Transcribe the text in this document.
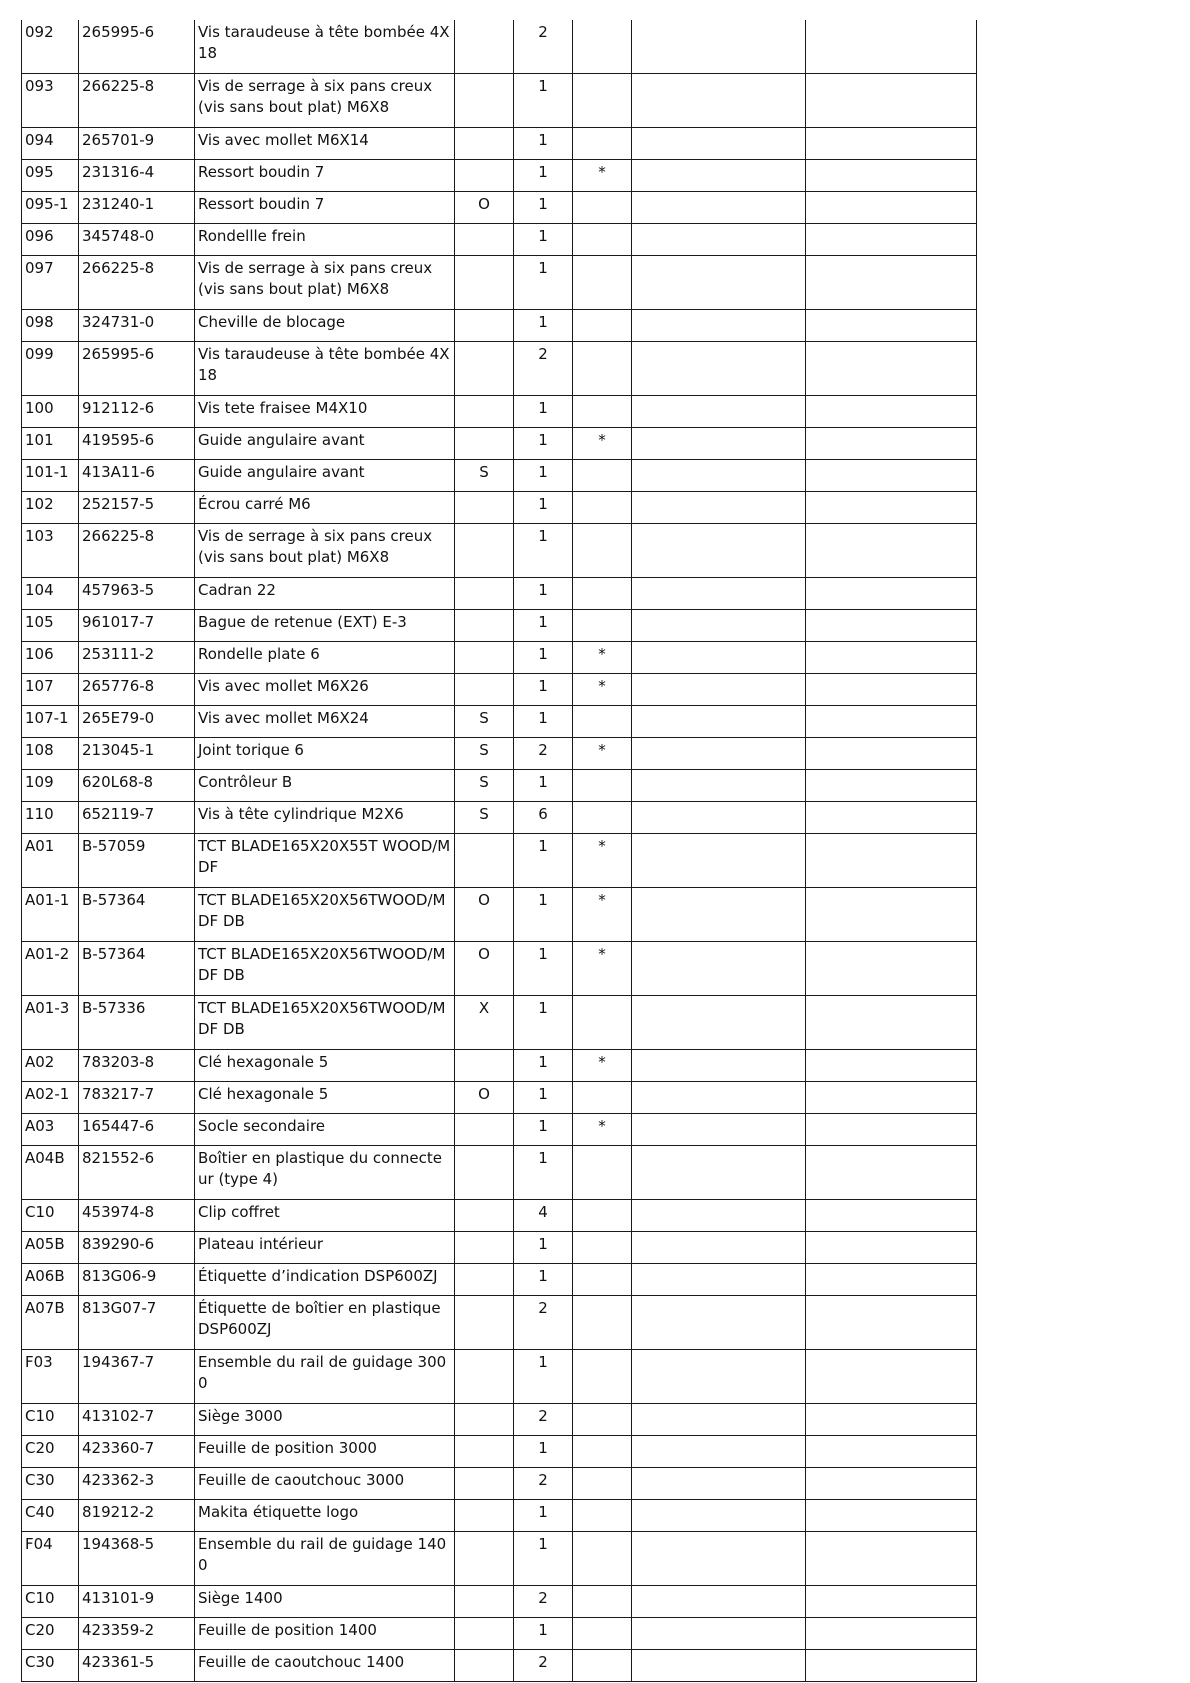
092	265995-6	Vis taraudeuse à tête bombée 4X18		2			
093	266225-8	Vis de serrage à six pans creux (vis sans bout plat) M6X8		1			
094	265701-9	Vis avec mollet M6X14		1			
095	231316-4	Ressort boudin 7		1	*		
095-1	231240-1	Ressort boudin 7	O	1			
096	345748-0	Rondellle frein		1			
097	266225-8	Vis de serrage à six pans creux (vis sans bout plat) M6X8		1			
098	324731-0	Cheville de blocage		1			
099	265995-6	Vis taraudeuse à tête bombée 4X18		2			
100	912112-6	Vis tete fraisee M4X10		1			
101	419595-6	Guide angulaire avant		1	*		
101-1	413A11-6	Guide angulaire avant	S	1			
102	252157-5	Écrou carré M6		1			
103	266225-8	Vis de serrage à six pans creux (vis sans bout plat) M6X8		1			
104	457963-5	Cadran 22		1			
105	961017-7	Bague de retenue (EXT) E-3		1			
106	253111-2	Rondelle plate 6		1	*		
107	265776-8	Vis avec mollet M6X26		1	*		
107-1	265E79-0	Vis avec mollet M6X24	S	1			
108	213045-1	Joint torique 6	S	2	*		
109	620L68-8	Contrôleur B	S	1			
110	652119-7	Vis à tête cylindrique M2X6	S	6			
A01	B-57059	TCT BLADE165X20X55T WOOD/MDF		1	*		
A01-1	B-57364	TCT BLADE165X20X56TWOOD/MDF DB	O	1	*		
A01-2	B-57364	TCT BLADE165X20X56TWOOD/MDF DB	O	1	*		
A01-3	B-57336	TCT BLADE165X20X56TWOOD/MDF DB	X	1			
A02	783203-8	Clé hexagonale 5		1	*		
A02-1	783217-7	Clé hexagonale 5	O	1			
A03	165447-6	Socle secondaire		1	*		
A04B	821552-6	Boîtier en plastique du connecteur (type 4)		1			
C10	453974-8	Clip coffret		4			
A05B	839290-6	Plateau intérieur		1			
A06B	813G06-9	Étiquette d’indication DSP600ZJ		1			
A07B	813G07-7	Étiquette de boîtier en plastique DSP600ZJ		2			
F03	194367-7	Ensemble du rail de guidage 3000		1			
C10	413102-7	Siège 3000		2			
C20	423360-7	Feuille de position 3000		1			
C30	423362-3	Feuille de caoutchouc 3000		2			
C40	819212-2	Makita étiquette logo		1			
F04	194368-5	Ensemble du rail de guidage 1400		1			
C10	413101-9	Siège 1400		2			
C20	423359-2	Feuille de position 1400		1			
C30	423361-5	Feuille de caoutchouc 1400		2			
